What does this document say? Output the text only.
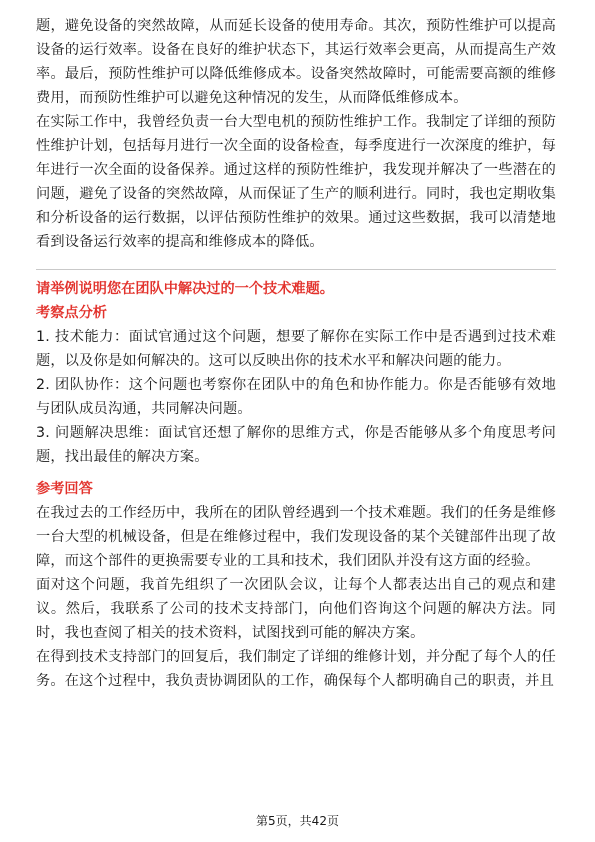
题，避免设备的突然故障，从而延长设备的使用寿命。其次，预防性维护可以提高设备的运行效率。设备在良好的维护状态下，其运行效率会更高，从而提高生产效率。最后，预防性维护可以降低维修成本。设备突然故障时，可能需要高额的维修费用，而预防性维护可以避免这种情况的发生，从而降低维修成本。

在实际工作中，我曾经负责一台大型电机的预防性维护工作。我制定了详细的预防性维护计划，包括每月进行一次全面的设备检查，每季度进行一次深度的维护，每年进行一次全面的设备保养。通过这样的预防性维护，我发现并解决了一些潜在的问题，避免了设备的突然故障，从而保证了生产的顺利进行。同时，我也定期收集和分析设备的运行数据，以评估预防性维护的效果。通过这些数据，我可以清楚地看到设备运行效率的提高和维修成本的降低。

请举例说明您在团队中解决过的一个技术难题。

考察点分析

1. 技术能力：面试官通过这个问题，想要了解你在实际工作中是否遇到过技术难题，以及你是如何解决的。这可以反映出你的技术水平和解决问题的能力。

2. 团队协作：这个问题也考察你在团队中的角色和协作能力。你是否能够有效地与团队成员沟通，共同解决问题。

3. 问题解决思维：面试官还想了解你的思维方式，你是否能够从多个角度思考问题，找出最佳的解决方案。

参考回答

在我过去的工作经历中，我所在的团队曾经遇到一个技术难题。我们的任务是维修一台大型的机械设备，但是在维修过程中，我们发现设备的某个关键部件出现了故障，而这个部件的更换需要专业的工具和技术，我们团队并没有这方面的经验。

面对这个问题，我首先组织了一次团队会议，让每个人都表达出自己的观点和建议。然后，我联系了公司的技术支持部门，向他们咨询这个问题的解决方法。同时，我也查阅了相关的技术资料，试图找到可能的解决方案。

在得到技术支持部门的回复后，我们制定了详细的维修计划，并分配了每个人的任务。在这个过程中，我负责协调团队的工作，确保每个人都明确自己的职责，并且

第5页，共42页
